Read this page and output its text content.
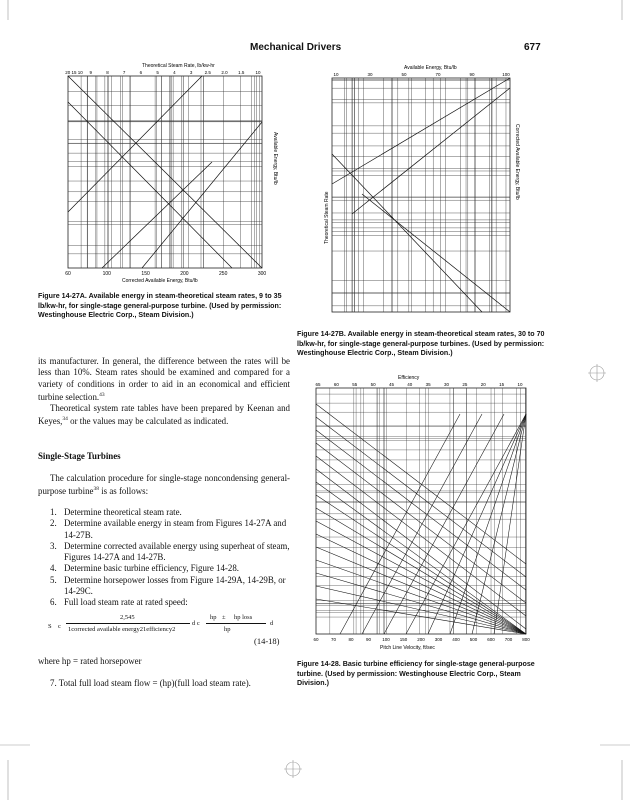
Mechanical Drivers	677
Theoretical Steam Rate, lb/kw-hr
20 15 10 9	8	7	6	5	4	3	2.5 2.0 1.5 10
60	100	150	200	250	300
Corrected Available Energy, Btu/lb
Available Energy, Btu/lb
Figure 14-27A. Available energy in steam-theoretical steam rates, 9 to 35 lb/kw-hr, for single-stage general-purpose turbine. (Used by permission: Westinghouse Electric Corp., Steam Division.)
Available Energy, Btu/lb
10	30	50	70	90	100
Theoretical Steam Rate
Corrected Available Energy, Btu/lb
Figure 14-27B. Available energy in steam-theoretical steam rates, 30 to 70 lb/kw-hr, for single-stage general-purpose turbines. (Used by permission: Westinghouse Electric Corp., Steam Division.)
Efficiency
65	60	55	50	45	40	35	30	25	20	15	10
60	70	80	90 100 150 200 300 400 500 600 700 800
Pitch Line Velocity, ft/sec
Figure 14-28. Basic turbine efficiency for single-stage general-purpose turbine. (Used by permission: Westinghouse Electric Corp., Steam Division.)
its manufacturer. In general, the difference between the rates will be less than 10%. Steam rates should be examined and compared for a variety of conditions in order to aid in an economical and efficient turbine selection.$^{43}$
Theoretical system rate tables have been prepared by Keenan and Keyes,$^{34}$ or the values may be calculated as indicated.
Single-Stage Turbines
The calculation procedure for single-stage noncondensing general-purpose turbine$^{38}$ is as follows:
1. Determine theoretical steam rate.
2. Determine available energy in steam from Figures 14-27A and 14-27B.
3. Determine corrected available energy using superheat of steam, Figures 14-27A and 14-27B.
4. Determine basic turbine efficiency, Figure 14-28.
5. Determine horsepower losses from Figure 14-29A, 14-29B, or 14-29C.
6. Full load steam rate at rated speed:
S c
2,545
1corrected available energy21efficiency2
d c
hp ± hp loss
hp
d
(14-18)
where hp = rated horsepower
7. Total full load steam flow = (hp)(full load steam rate).
